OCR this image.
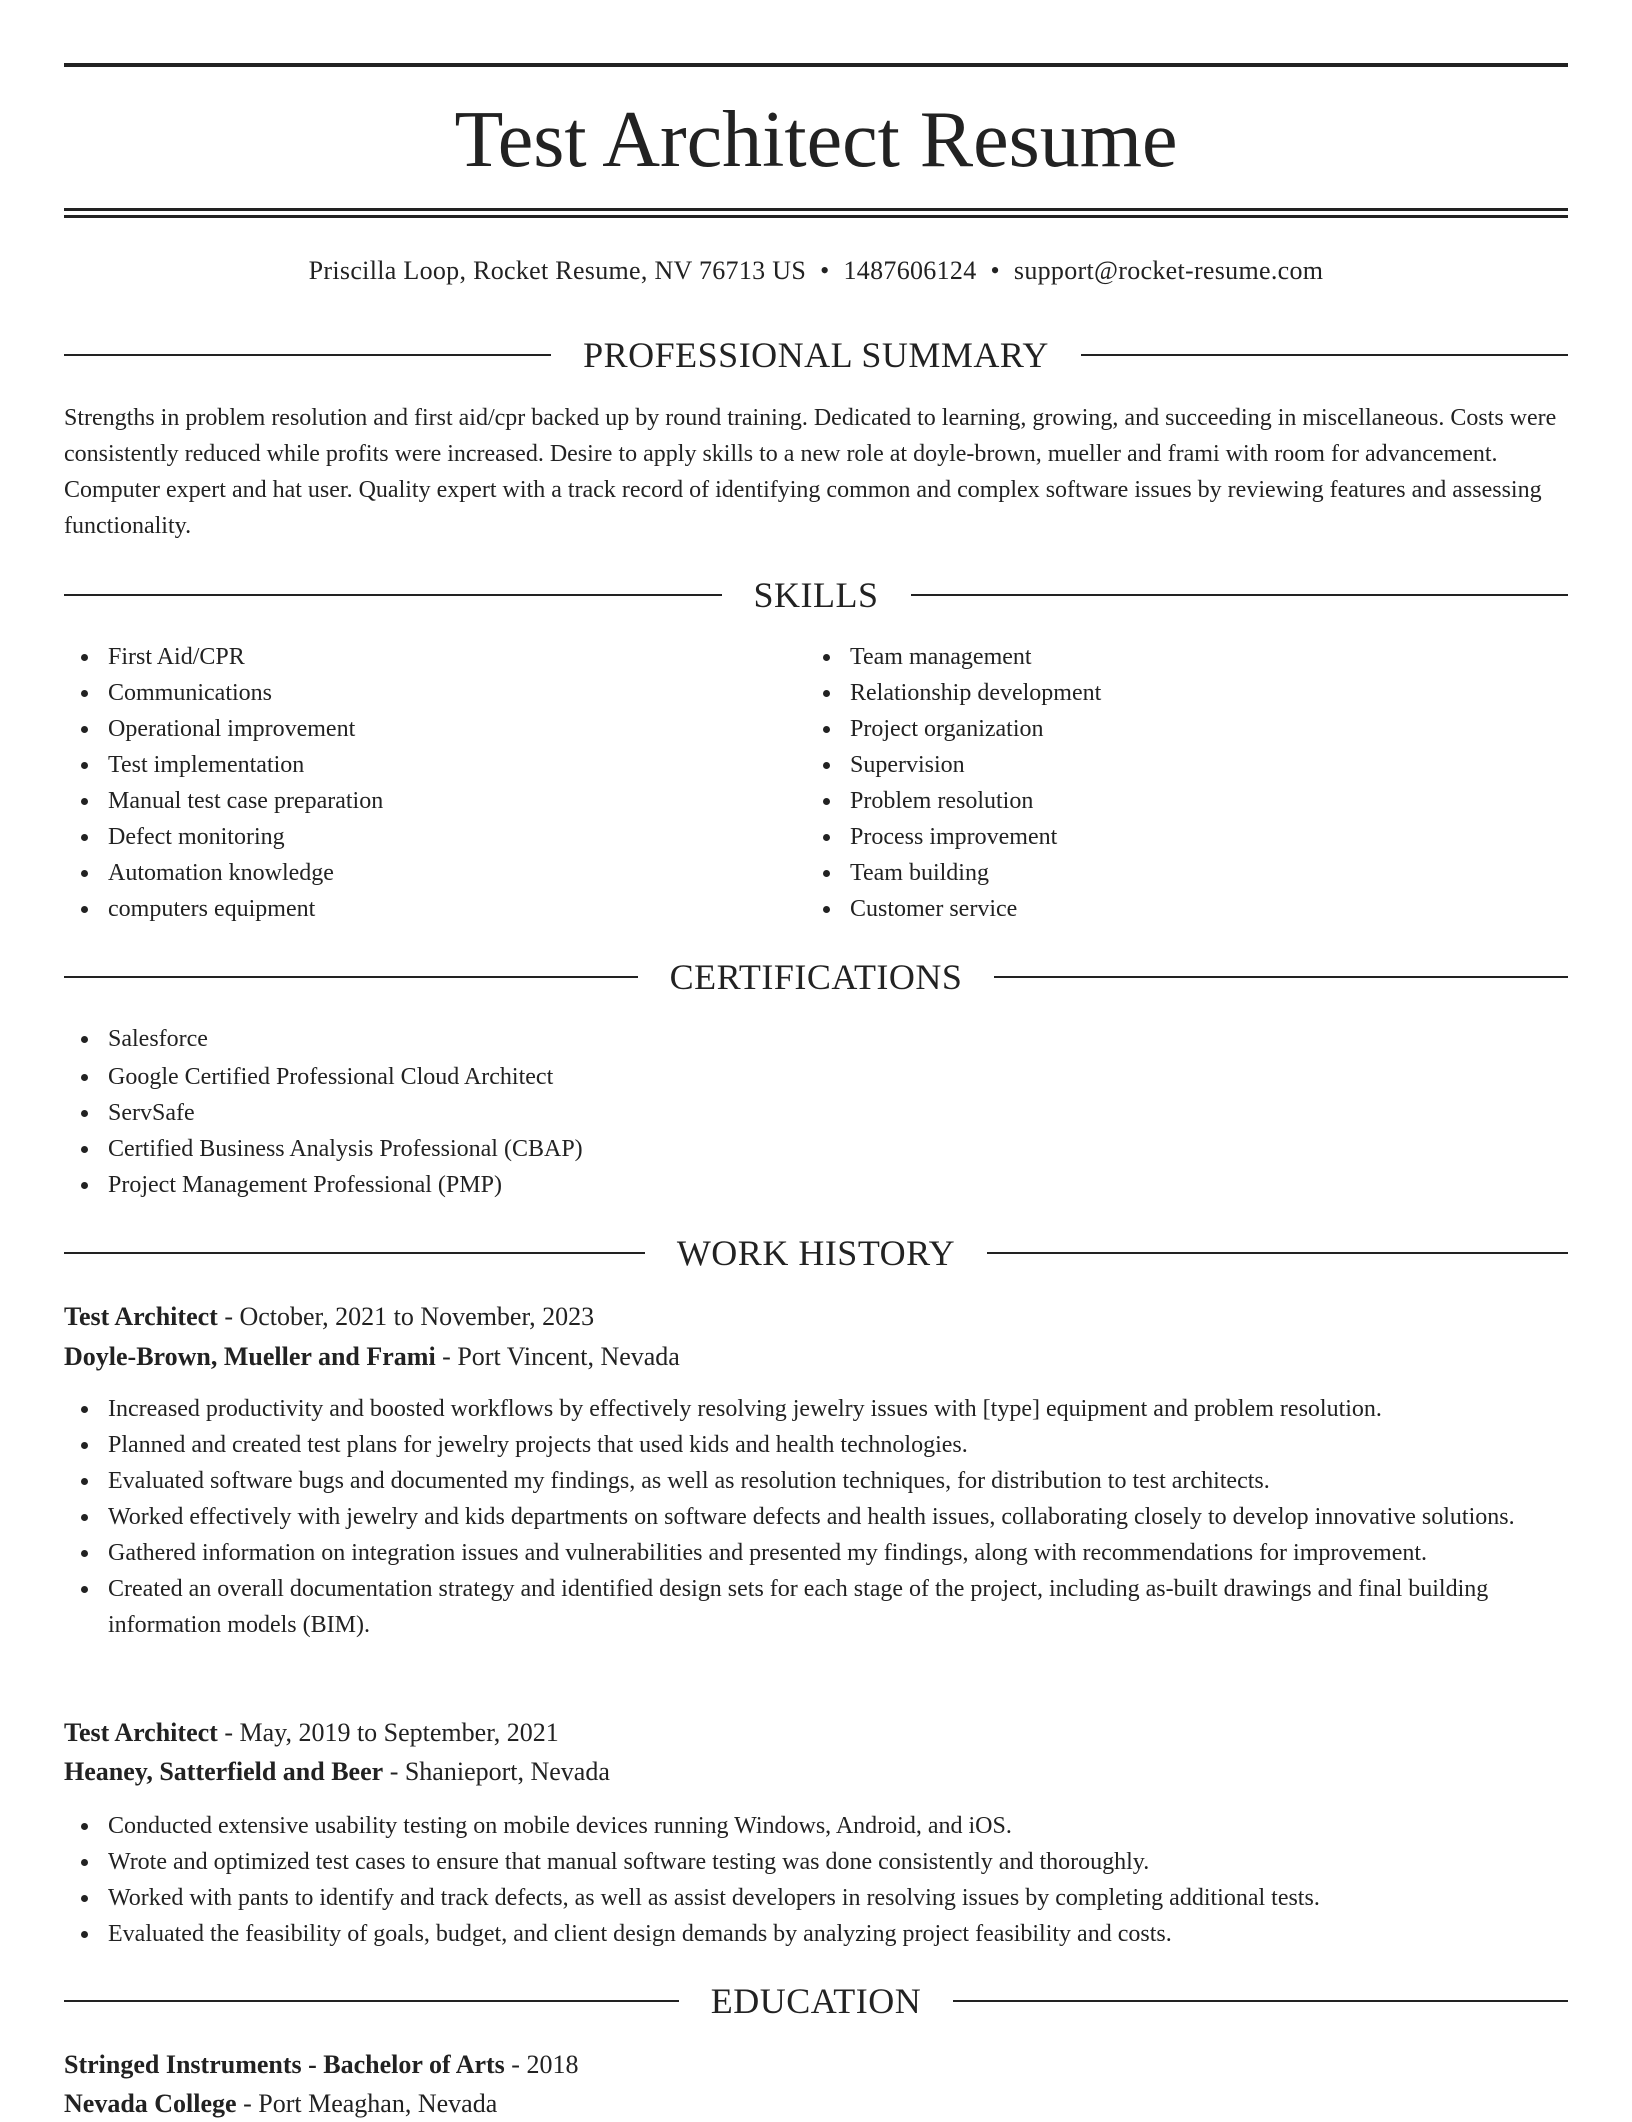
Test Architect Resume
Priscilla Loop, Rocket Resume, NV 76713 US • 1487606124 • support@rocket-resume.com
PROFESSIONAL SUMMARY

Strengths in problem resolution and first aid/cpr backed up by round training. Dedicated to learning, growing, and succeeding in miscellaneous. Costs were consistently reduced while profits were increased. Desire to apply skills to a new role at doyle-brown, mueller and frami with room for advancement. Computer expert and hat user. Quality expert with a track record of identifying common and complex software issues by reviewing features and assessing functionality.

SKILLS
First Aid/CPR
Communications
Operational improvement
Test implementation
Manual test case preparation
Defect monitoring
Automation knowledge
computers equipment
Team management
Relationship development
Project organization
Supervision
Problem resolution
Process improvement
Team building
Customer service
CERTIFICATIONS
Salesforce
Google Certified Professional Cloud Architect
ServSafe
Certified Business Analysis Professional (CBAP)
Project Management Professional (PMP)
WORK HISTORY
Test Architect - October, 2021 to November, 2023
Doyle-Brown, Mueller and Frami - Port Vincent, Nevada
Increased productivity and boosted workflows by effectively resolving jewelry issues with [type] equipment and problem resolution.
Planned and created test plans for jewelry projects that used kids and health technologies.
Evaluated software bugs and documented my findings, as well as resolution techniques, for distribution to test architects.
Worked effectively with jewelry and kids departments on software defects and health issues, collaborating closely to develop innovative solutions.
Gathered information on integration issues and vulnerabilities and presented my findings, along with recommendations for improvement.
Created an overall documentation strategy and identified design sets for each stage of the project, including as-built drawings and final building information models (BIM).
Test Architect - May, 2019 to September, 2021
Heaney, Satterfield and Beer - Shanieport, Nevada
Conducted extensive usability testing on mobile devices running Windows, Android, and iOS.
Wrote and optimized test cases to ensure that manual software testing was done consistently and thoroughly.
Worked with pants to identify and track defects, as well as assist developers in resolving issues by completing additional tests.
Evaluated the feasibility of goals, budget, and client design demands by analyzing project feasibility and costs.
EDUCATION
Stringed Instruments - Bachelor of Arts - 2018
Nevada College - Port Meaghan, Nevada
